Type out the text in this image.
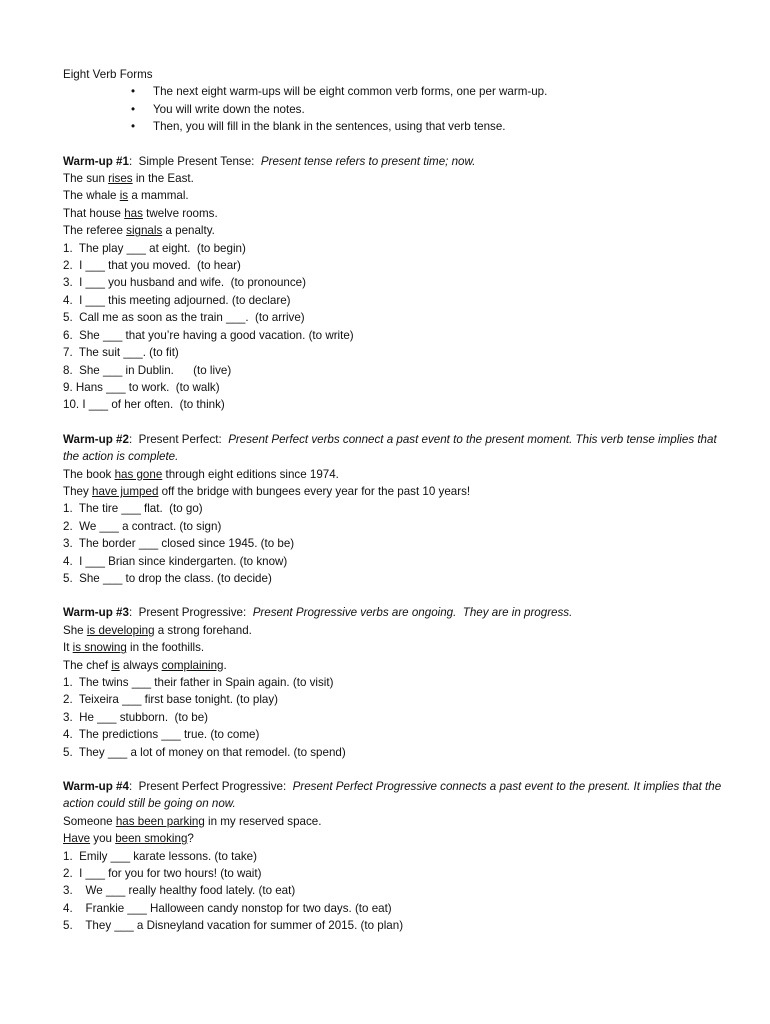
Eight Verb Forms
• The next eight warm-ups will be eight common verb forms, one per warm-up.
• You will write down the notes.
• Then, you will fill in the blank in the sentences, using that verb tense.
Warm-up #1:  Simple Present Tense: Present tense refers to present time; now.
The sun rises in the East.
The whale is a mammal.
That house has twelve rooms.
The referee signals a penalty.
1.  The play ___ at eight.  (to begin)
2.  I ___ that you moved.  (to hear)
3.  I ___ you husband and wife.  (to pronounce)
4.  I ___ this meeting adjourned. (to declare)
5.  Call me as soon as the train ___.  (to arrive)
6.  She ___ that you’re having a good vacation. (to write)
7.  The suit ___. (to fit)
8.  She ___ in Dublin.      (to live)
9. Hans ___ to work.  (to walk)
10. I ___ of her often.  (to think)
Warm-up #2:  Present Perfect: Present Perfect verbs connect a past event to the present moment. This verb tense implies that the action is complete.
The book has gone through eight editions since 1974.
They have jumped off the bridge with bungees every year for the past 10 years!
1.  The tire ___ flat.  (to go)
2.  We ___ a contract. (to sign)
3.  The border ___ closed since 1945. (to be)
4.  I ___ Brian since kindergarten. (to know)
5.  She ___ to drop the class. (to decide)
Warm-up #3:  Present Progressive: Present Progressive verbs are ongoing.  They are in progress.
She is developing a strong forehand.
It is snowing in the foothills.
The chef is always complaining.
1.  The twins ___ their father in Spain again. (to visit)
2.  Teixeira ___ first base tonight. (to play)
3.  He ___ stubborn.  (to be)
4.  The predictions ___ true. (to come)
5.  They ___ a lot of money on that remodel. (to spend)
Warm-up #4:  Present Perfect Progressive: Present Perfect Progressive connects a past event to the present. It implies that the action could still be going on now.
Someone has been parking in my reserved space.
Have you been smoking?
1.  Emily ___ karate lessons. (to take)
2.  I ___ for you for two hours! (to wait)
3.    We ___ really healthy food lately. (to eat)
4.    Frankie ___ Halloween candy nonstop for two days. (to eat)
5.    They ___ a Disneyland vacation for summer of 2015. (to plan)
